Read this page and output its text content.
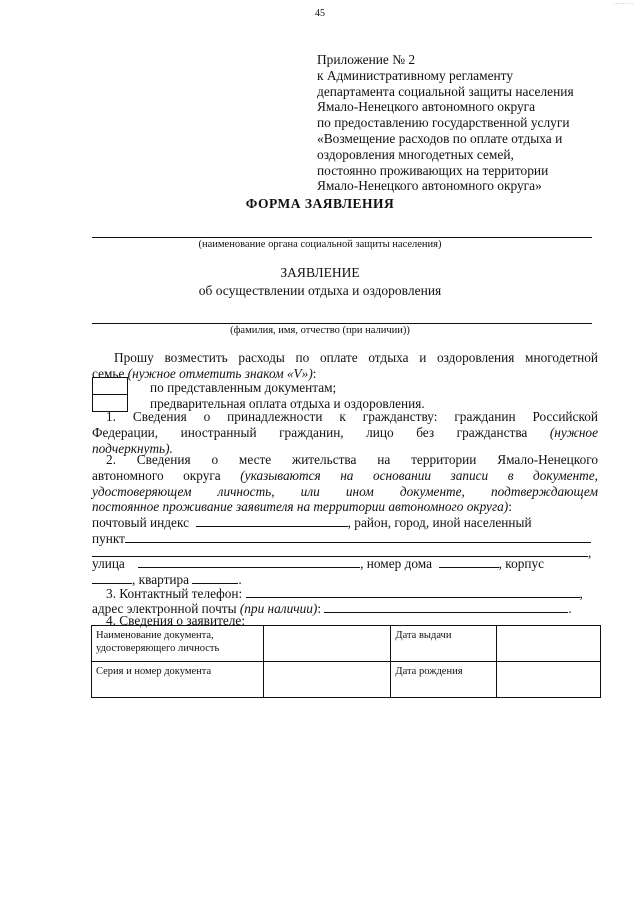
45
·········
Приложение № 2
к Административному регламенту
департамента социальной защиты населения
Ямало-Ненецкого автономного округа
по предоставлению государственной услуги
«Возмещение расходов по оплате отдыха и
оздоровления многодетных семей,
постоянно проживающих на территории
Ямало-Ненецкого автономного округа»
ФОРМА ЗАЯВЛЕНИЯ
(наименование органа социальной защиты населения)
ЗАЯВЛЕНИЕ
об осуществлении отдыха и оздоровления
(фамилия, имя, отчество (при наличии))
Прошу возместить расходы по оплате отдыха и оздоровления многодетной
семье (нужное отметить знаком «V»):
по представленным документам;
предварительная оплата отдыха и оздоровления.
1. Сведения о принадлежности к гражданству: гражданин Российской
Федерации, иностранный гражданин, лицо без гражданства (нужное
подчеркнуть).
2. Сведения о месте жительства на территории Ямало-Ненецкого
автономного округа (указываются на основании записи в документе,
удостоверяющем личность, или ином документе, подтверждающем
постоянное проживание заявителя на территории автономного округа):
почтовый индекс	, район, город, иной населенный
пункт
,
улица	, номер дома	, корпус
, квартира	.
3. Контактный телефон:	,
адрес электронной почты (при наличии):	.
4. Сведения о заявителе:
Наименование документа, удостоверяющего личность		Дата выдачи	
Серия и номер документа		Дата рождения	
